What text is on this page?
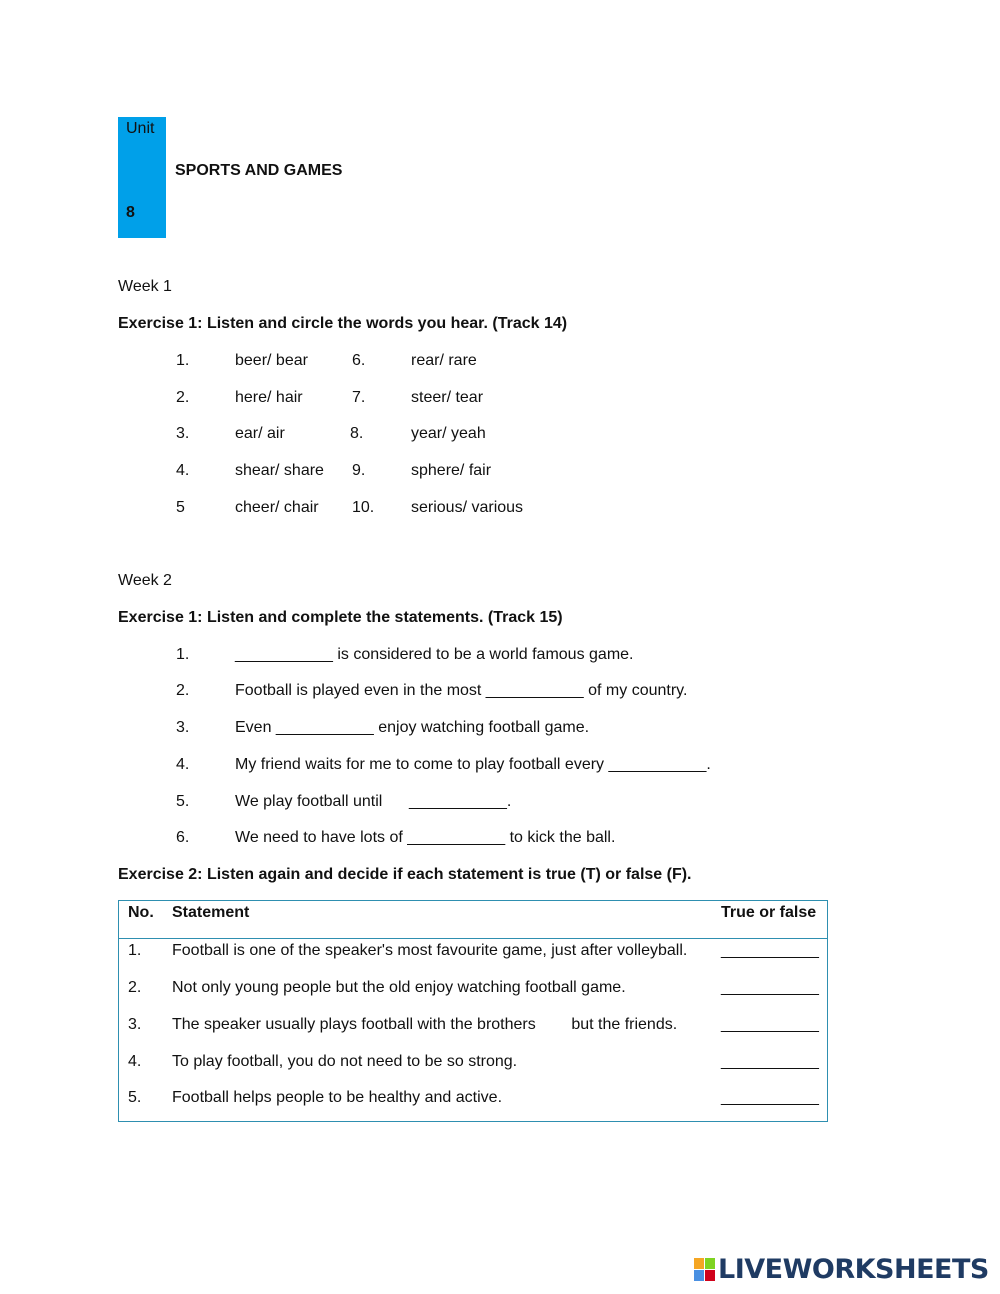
Unit
8
SPORTS AND GAMES
Week 1
Exercise 1: Listen and circle the words you hear. (Track 14)
1.	beer/ bear	6.	rear/ rare
2.	here/ hair	7.	steer/ tear
3.	ear/ air	8.	year/ yeah
4.	shear/ share 9.	sphere/ fair
5	cheer/ chair 10. serious/ various
Week 2
Exercise 1: Listen and complete the statements. (Track 15)
1.	___________ is considered to be a world famous game.
2.	Football is played even in the most ___________ of my country.
3.	Even ___________ enjoy watching football game.
4.	My friend waits for me to come to play football every ___________.
5.	We play football until      ___________.
6.	We need to have lots of ___________ to kick the ball.
Exercise 2: Listen again and decide if each statement is true (T) or false (F).
No. Statement	True or false
1. Football is one of the speaker's most favourite game, just after volleyball. ___________
2. Not only young people but the old enjoy watching football game.	___________
3. The speaker usually plays football with the brothers        but the friends.	___________
4. To play football, you do not need to be so strong.	___________
5. Football helps people to be healthy and active.	___________
LIVEWORKSHEETS
